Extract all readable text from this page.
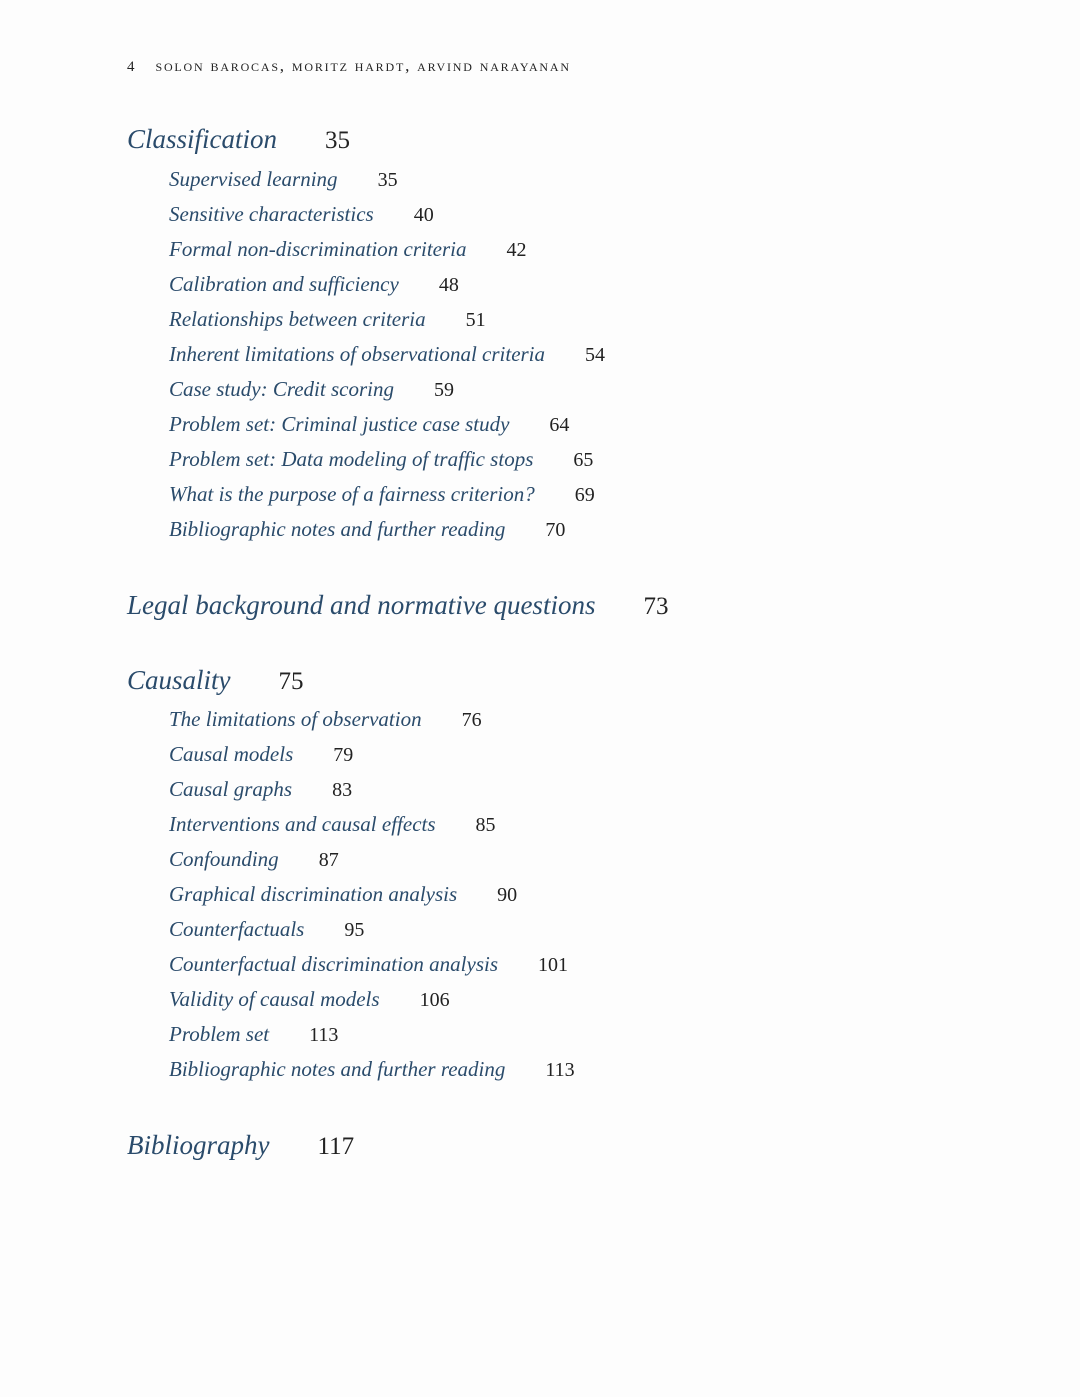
4 solon barocas, moritz hardt, arvind narayanan
Classification 35
Supervised learning 35
Sensitive characteristics 40
Formal non-discrimination criteria 42
Calibration and sufficiency 48
Relationships between criteria 51
Inherent limitations of observational criteria 54
Case study: Credit scoring 59
Problem set: Criminal justice case study 64
Problem set: Data modeling of traffic stops 65
What is the purpose of a fairness criterion? 69
Bibliographic notes and further reading 70
Legal background and normative questions 73
Causality 75
The limitations of observation 76
Causal models 79
Causal graphs 83
Interventions and causal effects 85
Confounding 87
Graphical discrimination analysis 90
Counterfactuals 95
Counterfactual discrimination analysis 101
Validity of causal models 106
Problem set 113
Bibliographic notes and further reading 113
Bibliography 117
